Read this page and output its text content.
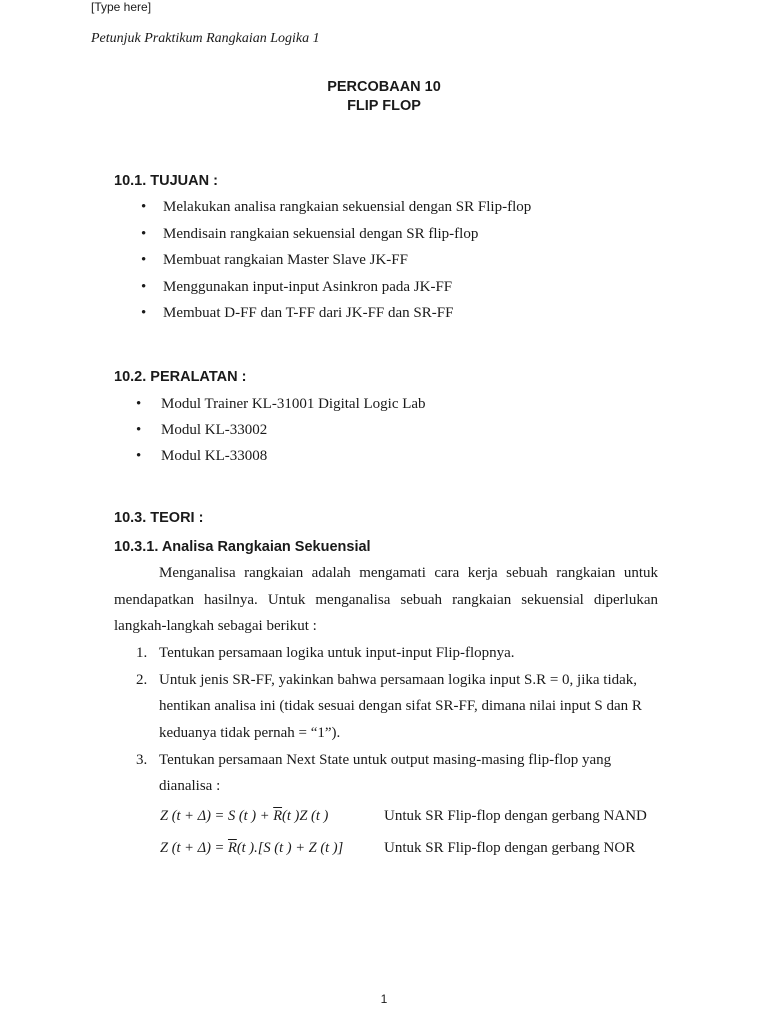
[Type here]
Petunjuk Praktikum Rangkaian Logika 1
PERCOBAAN 10
FLIP FLOP
10.1. TUJUAN :
• Melakukan analisa rangkaian sekuensial dengan SR Flip-flop
• Mendisain rangkaian sekuensial dengan SR flip-flop
• Membuat rangkaian Master Slave JK-FF
• Menggunakan input-input Asinkron pada JK-FF
• Membuat D-FF dan T-FF dari JK-FF dan SR-FF
10.2. PERALATAN :
• Modul Trainer KL-31001 Digital Logic Lab
• Modul KL-33002
• Modul KL-33008
10.3. TEORI :
10.3.1. Analisa Rangkaian Sekuensial
Menganalisa rangkaian adalah mengamati cara kerja sebuah rangkaian untuk
mendapatkan hasilnya. Untuk menganalisa sebuah rangkaian sekuensial diperlukan
langkah-langkah sebagai berikut :
1. Tentukan persamaan logika untuk input-input Flip-flopnya.
2. Untuk jenis SR-FF, yakinkan bahwa persamaan logika input S.R = 0, jika tidak,
hentikan analisa ini (tidak sesuai dengan sifat SR-FF, dimana nilai input S dan R
keduanya tidak pernah = “1”).
3. Tentukan persamaan Next State untuk output masing-masing flip-flop yang
dianalisa :
Z (t + Δ) = S (t ) + $\overline{R}(t$ )Z (t )	Untuk SR Flip-flop dengan gerbang NAND
Z $(t + \Delta) = \overline{R}(t$ ).[S (t ) + Z (t )]	Untuk SR Flip-flop dengan gerbang NOR
1
